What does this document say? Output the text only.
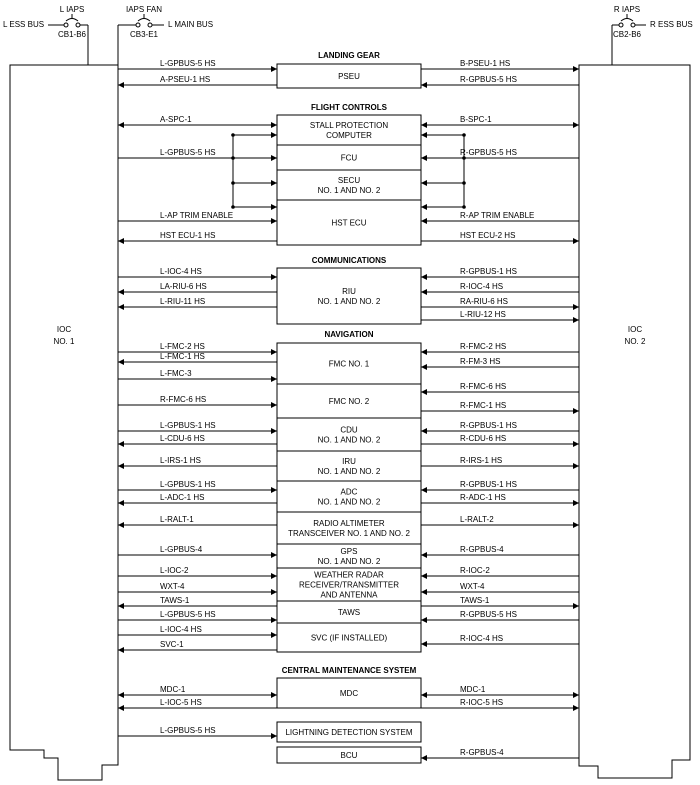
IOC
NO. 1
IOC
NO. 2
L IAPS
L ESS BUS
CB1-B6
IAPS FAN
L MAIN BUS
CB3-E1
R IAPS
R ESS BUS
CB2-B6
LANDING GEAR
FLIGHT CONTROLS
COMMUNICATIONS
NAVIGATION
CENTRAL MAINTENANCE SYSTEM
PSEU
STALL PROTECTION
COMPUTER
FCU
SECU
NO. 1 AND NO. 2
HST ECU
RIU
NO. 1 AND NO. 2
FMC NO. 1
FMC NO. 2
CDU
NO. 1 AND NO. 2
IRU
NO. 1 AND NO. 2
ADC
NO. 1 AND NO. 2
RADIO ALTIMETER
TRANSCEIVER NO. 1 AND NO. 2
GPS
NO. 1 AND NO. 2
WEATHER RADAR
RECEIVER/TRANSMITTER
AND ANTENNA
TAWS
SVC (IF INSTALLED)
MDC
LIGHTNING DETECTION SYSTEM
BCU
L-GPBUS-5 HS
A-PSEU-1 HS
A-SPC-1
L-GPBUS-5 HS
L-AP TRIM ENABLE
HST ECU-1 HS
L-IOC-4 HS
LA-RIU-6 HS
L-RIU-11 HS
L-FMC-2 HS
L-FMC-1 HS
L-FMC-3
R-FMC-6 HS
L-GPBUS-1 HS
L-CDU-6 HS
L-IRS-1 HS
L-GPBUS-1 HS
L-ADC-1 HS
L-RALT-1
L-GPBUS-4
L-IOC-2
WXT-4
TAWS-1
L-GPBUS-5 HS
L-IOC-4 HS
SVC-1
MDC-1
L-IOC-5 HS
L-GPBUS-5 HS
B-PSEU-1 HS
R-GPBUS-5 HS
B-SPC-1
R-GPBUS-5 HS
R-AP TRIM ENABLE
HST ECU-2 HS
R-GPBUS-1 HS
R-IOC-4 HS
RA-RIU-6 HS
L-RIU-12 HS
R-FMC-2 HS
R-FM-3 HS
R-FMC-6 HS
R-FMC-1 HS
R-GPBUS-1 HS
R-CDU-6 HS
R-IRS-1 HS
R-GPBUS-1 HS
R-ADC-1 HS
L-RALT-2
R-GPBUS-4
R-IOC-2
WXT-4
TAWS-1
R-GPBUS-5 HS
R-IOC-4 HS
MDC-1
R-IOC-5 HS
R-GPBUS-4
